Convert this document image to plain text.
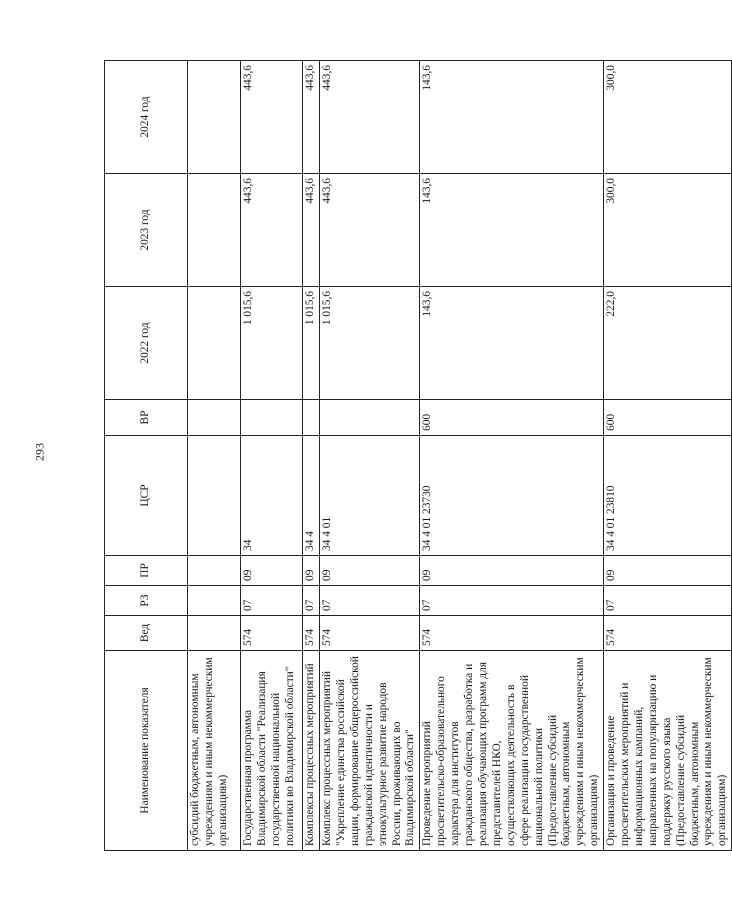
293
Наименование показателя	Вед	РЗ	ПР	ЦСР	ВР	2022 год	2023 год	2024 год
субсидий бюджетным, автономным учреждениям и иным некоммерческим организациям)								
Государственная программа Владимирской области "Реализация государственной национальной политики во Владимирской области"	574	07	09	34		1 015,6	443,6	443,6
Комплексы процессных мероприятий	574	07	09	34 4		1 015,6	443,6	443,6
Комплекс процессных мероприятий "Укрепление единства российской нации, формирование общероссийской гражданской идентичности и этнокультурное развитие народов России, проживающих во Владимирской области"	574	07	09	34 4 01		1 015,6	443,6	443,6
Проведение мероприятий просветительско-образовательного характера для институтов гражданского общества, разработка и реализация обучающих программ для представителей НКО, осуществляющих деятельность в сфере реализации государственной национальной политики (Предоставление субсидий бюджетным, автономным учреждениям и иным некоммерческим организациям)	574	07	09	34 4 01 23730	600	143,6	143,6	143,6
Организация и проведение просветительских мероприятий и информационных кампаний, направленных на популяризацию и поддержку русского языка (Предоставление субсидий бюджетным, автономным учреждениям и иным некоммерческим организациям)	574	07	09	34 4 01 23810	600	222,0	300,0	300,0
